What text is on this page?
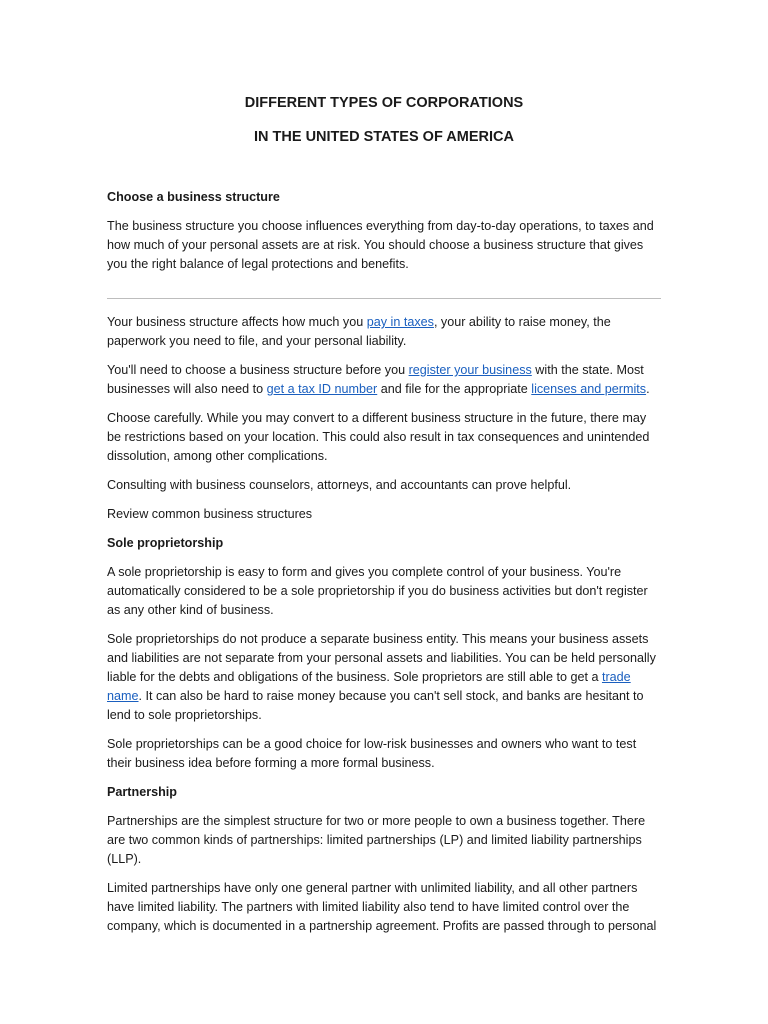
DIFFERENT TYPES OF CORPORATIONS
IN THE UNITED STATES OF AMERICA
Choose a business structure

The business structure you choose influences everything from day-to-day operations, to taxes and how much of your personal assets are at risk. You should choose a business structure that gives you the right balance of legal protections and benefits.

Your business structure affects how much you pay in taxes, your ability to raise money, the paperwork you need to file, and your personal liability.

You'll need to choose a business structure before you register your business with the state. Most businesses will also need to get a tax ID number and file for the appropriate licenses and permits.

Choose carefully. While you may convert to a different business structure in the future, there may be restrictions based on your location. This could also result in tax consequences and unintended dissolution, among other complications.

Consulting with business counselors, attorneys, and accountants can prove helpful.

Review common business structures

Sole proprietorship

A sole proprietorship is easy to form and gives you complete control of your business. You're automatically considered to be a sole proprietorship if you do business activities but don't register as any other kind of business.

Sole proprietorships do not produce a separate business entity. This means your business assets and liabilities are not separate from your personal assets and liabilities. You can be held personally liable for the debts and obligations of the business. Sole proprietors are still able to get a trade name. It can also be hard to raise money because you can't sell stock, and banks are hesitant to lend to sole proprietorships.

Sole proprietorships can be a good choice for low-risk businesses and owners who want to test their business idea before forming a more formal business.

Partnership

Partnerships are the simplest structure for two or more people to own a business together. There are two common kinds of partnerships: limited partnerships (LP) and limited liability partnerships (LLP).

Limited partnerships have only one general partner with unlimited liability, and all other partners have limited liability. The partners with limited liability also tend to have limited control over the company, which is documented in a partnership agreement. Profits are passed through to personal
